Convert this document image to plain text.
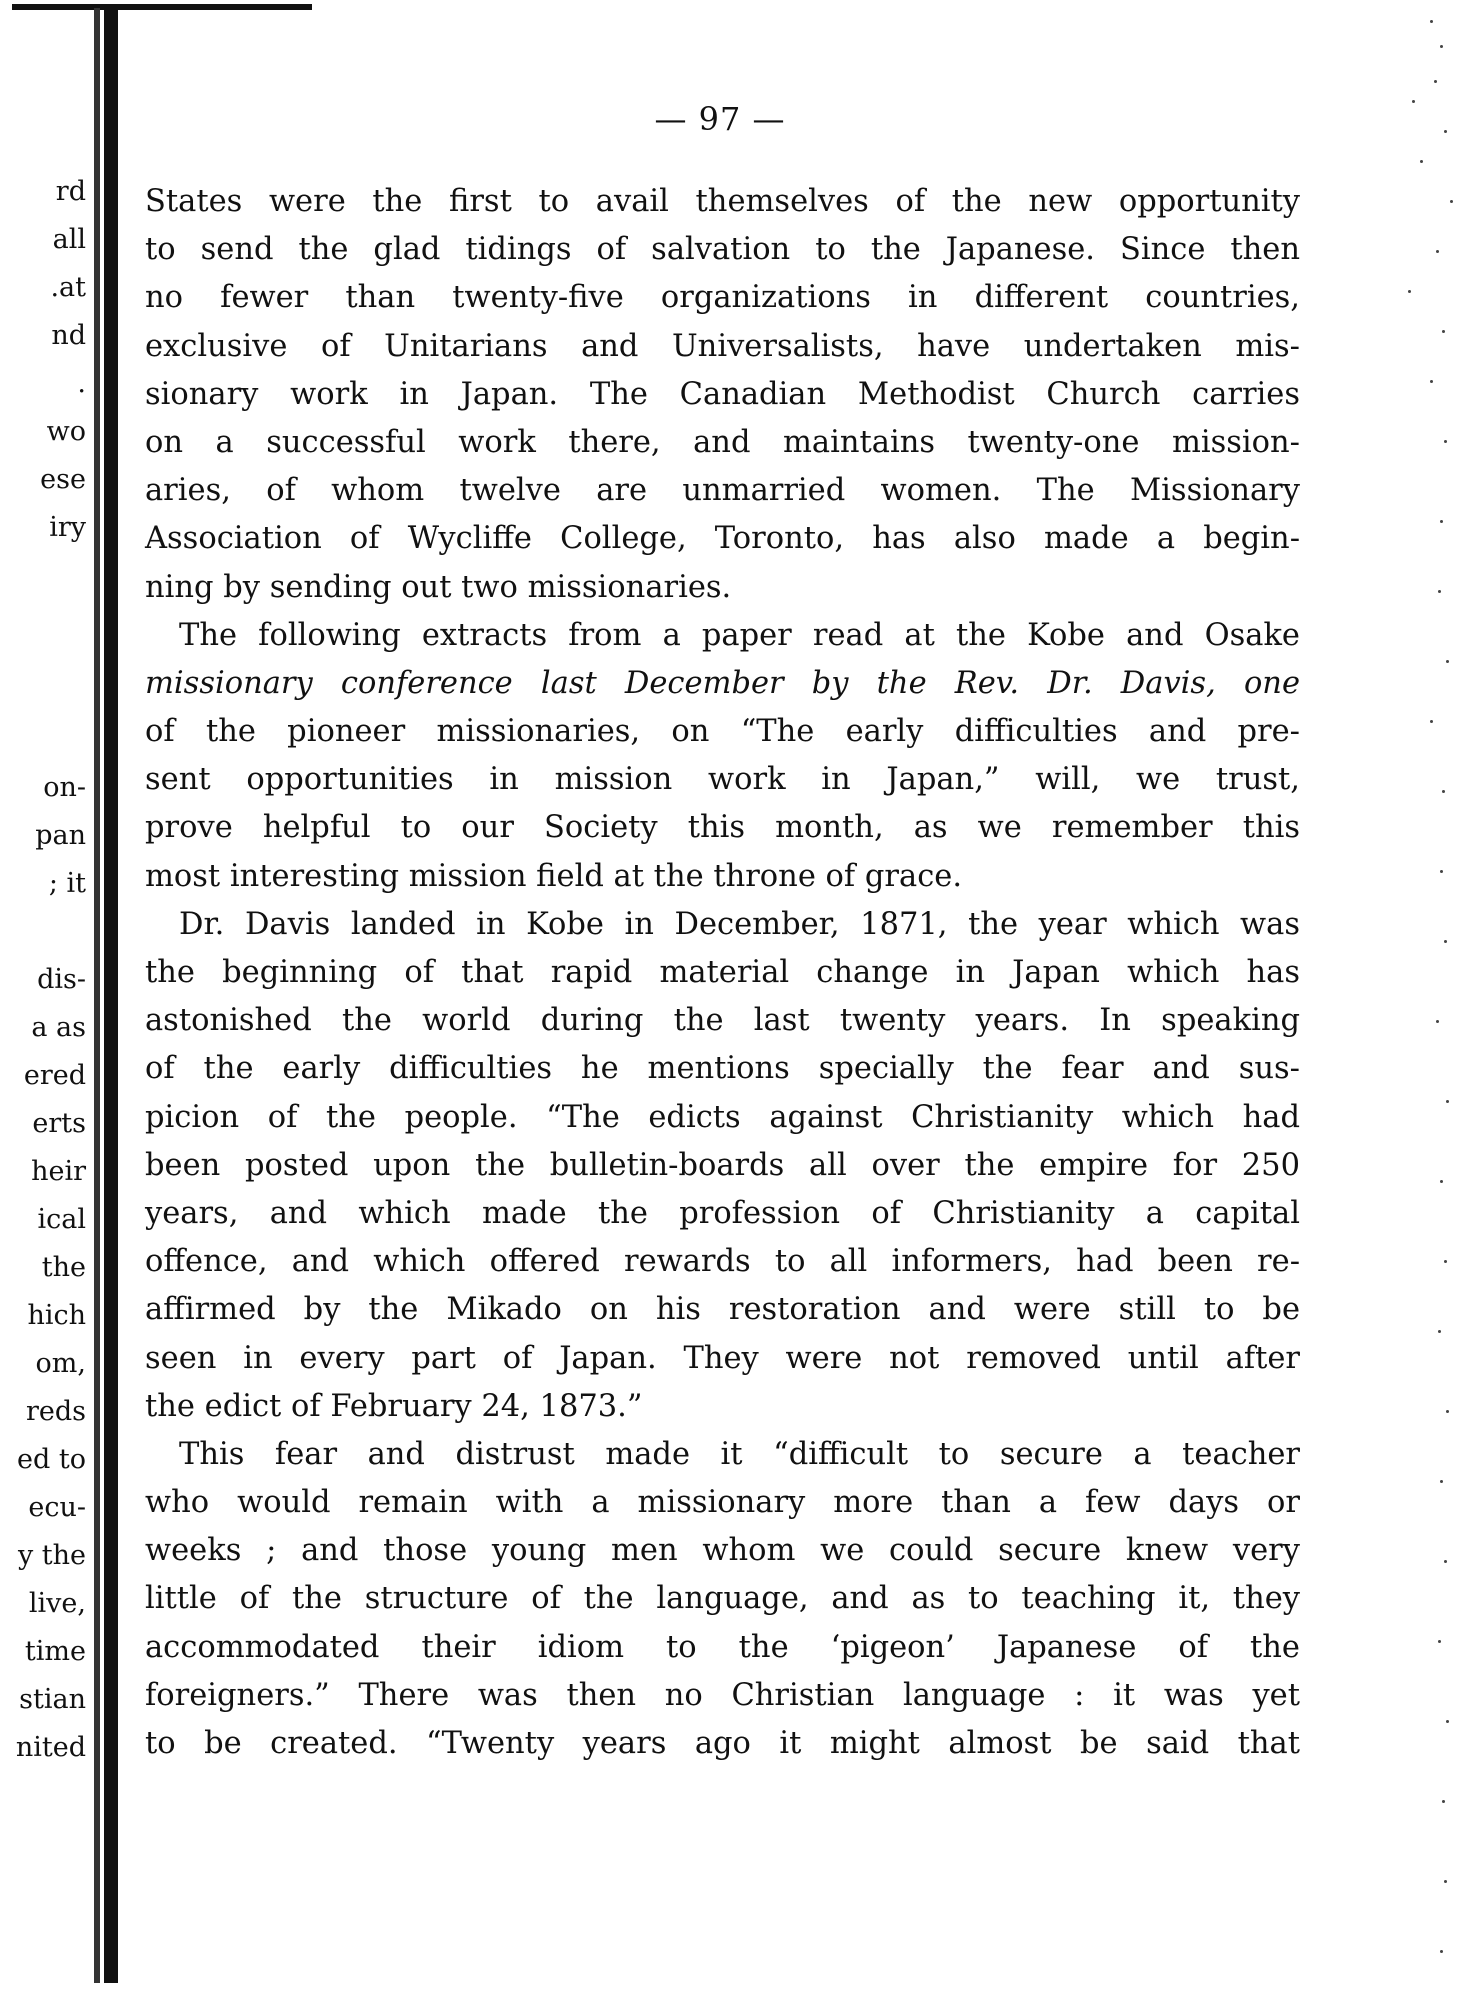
— 97 —
rd
all
.at
nd
.
wo
ese
iry
on-
pan
; it
dis-
a as
ered
erts
heir
ical
the
hich
om,
reds
ed to
ecu-
y the
live,
time
stian
nited
States were the first to avail themselves of the new opportunity
to send the glad tidings of salvation to the Japanese. Since then
no fewer than twenty-five organizations in different countries,
exclusive of Unitarians and Universalists, have undertaken mis-
sionary work in Japan. The Canadian Methodist Church carries
on a successful work there, and maintains twenty-one mission-
aries, of whom twelve are unmarried women. The Missionary
Association of Wycliffe College, Toronto, has also made a begin-
ning by sending out two missionaries.
The following extracts from a paper read at the Kobe and Osake
missionary conference last December by the Rev. Dr. Davis, one
of the pioneer missionaries, on “The early difficulties and pre-
sent opportunities in mission work in Japan,” will, we trust,
prove helpful to our Society this month, as we remember this
most interesting mission field at the throne of grace.
Dr. Davis landed in Kobe in December, 1871, the year which was
the beginning of that rapid material change in Japan which has
astonished the world during the last twenty years. In speaking
of the early difficulties he mentions specially the fear and sus-
picion of the people. “The edicts against Christianity which had
been posted upon the bulletin-boards all over the empire for 250
years, and which made the profession of Christianity a capital
offence, and which offered rewards to all informers, had been re-
affirmed by the Mikado on his restoration and were still to be
seen in every part of Japan. They were not removed until after
the edict of February 24, 1873.”
This fear and distrust made it “difficult to secure a teacher
who would remain with a missionary more than a few days or
weeks ; and those young men whom we could secure knew very
little of the structure of the language, and as to teaching it, they
accommodated their idiom to the ‘pigeon’ Japanese of the
foreigners.” There was then no Christian language : it was yet
to be created. “Twenty years ago it might almost be said that
